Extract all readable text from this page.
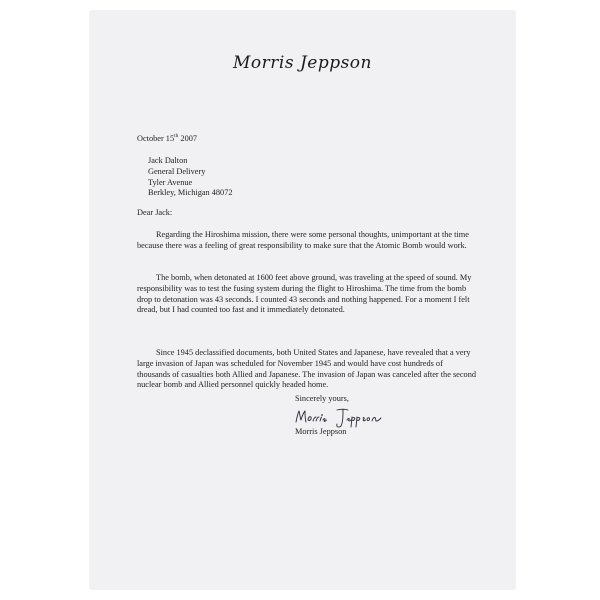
Morris Jeppson
October 15th 2007
Jack Dalton
General Delivery
Tyler Avenue
Berkley, Michigan 48072
Dear Jack:
Regarding the Hiroshima mission, there were some personal thoughts, unimportant at the time because there was a feeling of great responsibility to make sure that the Atomic Bomb would work.
The bomb, when detonated at 1600 feet above ground, was traveling at the speed of sound. My responsibility was to test the fusing system during the flight to Hiroshima. The time from the bomb drop to detonation was 43 seconds. I counted 43 seconds and nothing happened. For a moment I felt dread, but I had counted too fast and it immediately detonated.
Since 1945 declassified documents, both United States and Japanese, have revealed that a very large invasion of Japan was scheduled for November 1945 and would have cost hundreds of thousands of casualties both Allied and Japanese. The invasion of Japan was canceled after the second nuclear bomb and Allied personnel quickly headed home.
Sincerely yours,
Morris Jeppson
